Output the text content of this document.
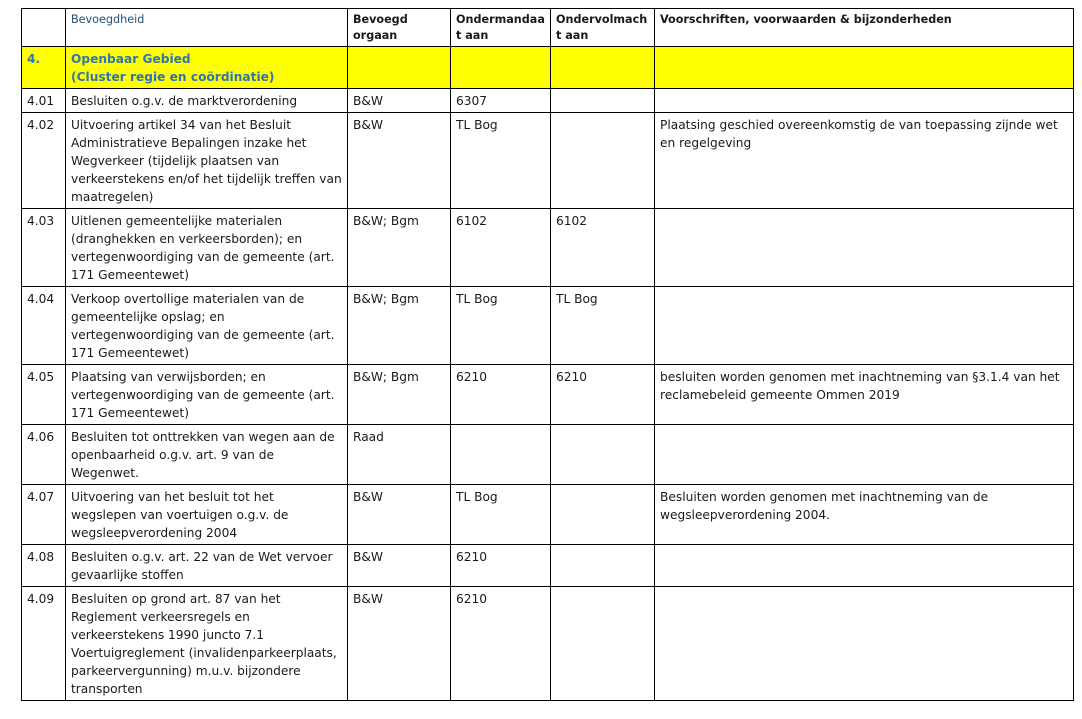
	Bevoegdheid	Bevoegd orgaan	Ondermandaat aan	Ondervolmacht aan	Voorschriften, voorwaarden & bijzonderheden
4.	Openbaar Gebied
(Cluster regie en coördinatie)				
4.01	Besluiten o.g.v. de marktverordening	B&W	6307		
4.02	Uitvoering artikel 34 van het Besluit Administratieve Bepalingen inzake het Wegverkeer (tijdelijk plaatsen van verkeerstekens en/of het tijdelijk treffen van maatregelen)	B&W	TL Bog		Plaatsing geschied overeenkomstig de van toepassing zijnde wet en regelgeving
4.03	Uitlenen gemeentelijke materialen (dranghekken en verkeersborden); en vertegenwoordiging van de gemeente (art. 171 Gemeentewet)	B&W; Bgm	6102	6102	
4.04	Verkoop overtollige materialen van de gemeentelijke opslag; en vertegenwoordiging van de gemeente (art. 171 Gemeentewet)	B&W; Bgm	TL Bog	TL Bog	
4.05	Plaatsing van verwijsborden; en vertegenwoordiging van de gemeente (art. 171 Gemeentewet)	B&W; Bgm	6210	6210	besluiten worden genomen met inachtneming van §3.1.4 van het reclamebeleid gemeente Ommen 2019
4.06	Besluiten tot onttrekken van wegen aan de openbaarheid o.g.v. art. 9 van de Wegenwet.	Raad			
4.07	Uitvoering van het besluit tot het wegslepen van voertuigen o.g.v. de wegsleepverordening 2004	B&W	TL Bog		Besluiten worden genomen met inachtneming van de wegsleepverordening 2004.
4.08	Besluiten o.g.v. art. 22 van de Wet vervoer gevaarlijke stoffen	B&W	6210		
4.09	Besluiten op grond art. 87 van het Reglement verkeersregels en verkeerstekens 1990 juncto 7.1 Voertuigreglement (invalidenparkeerplaats, parkeervergunning) m.u.v. bijzondere transporten	B&W	6210		
